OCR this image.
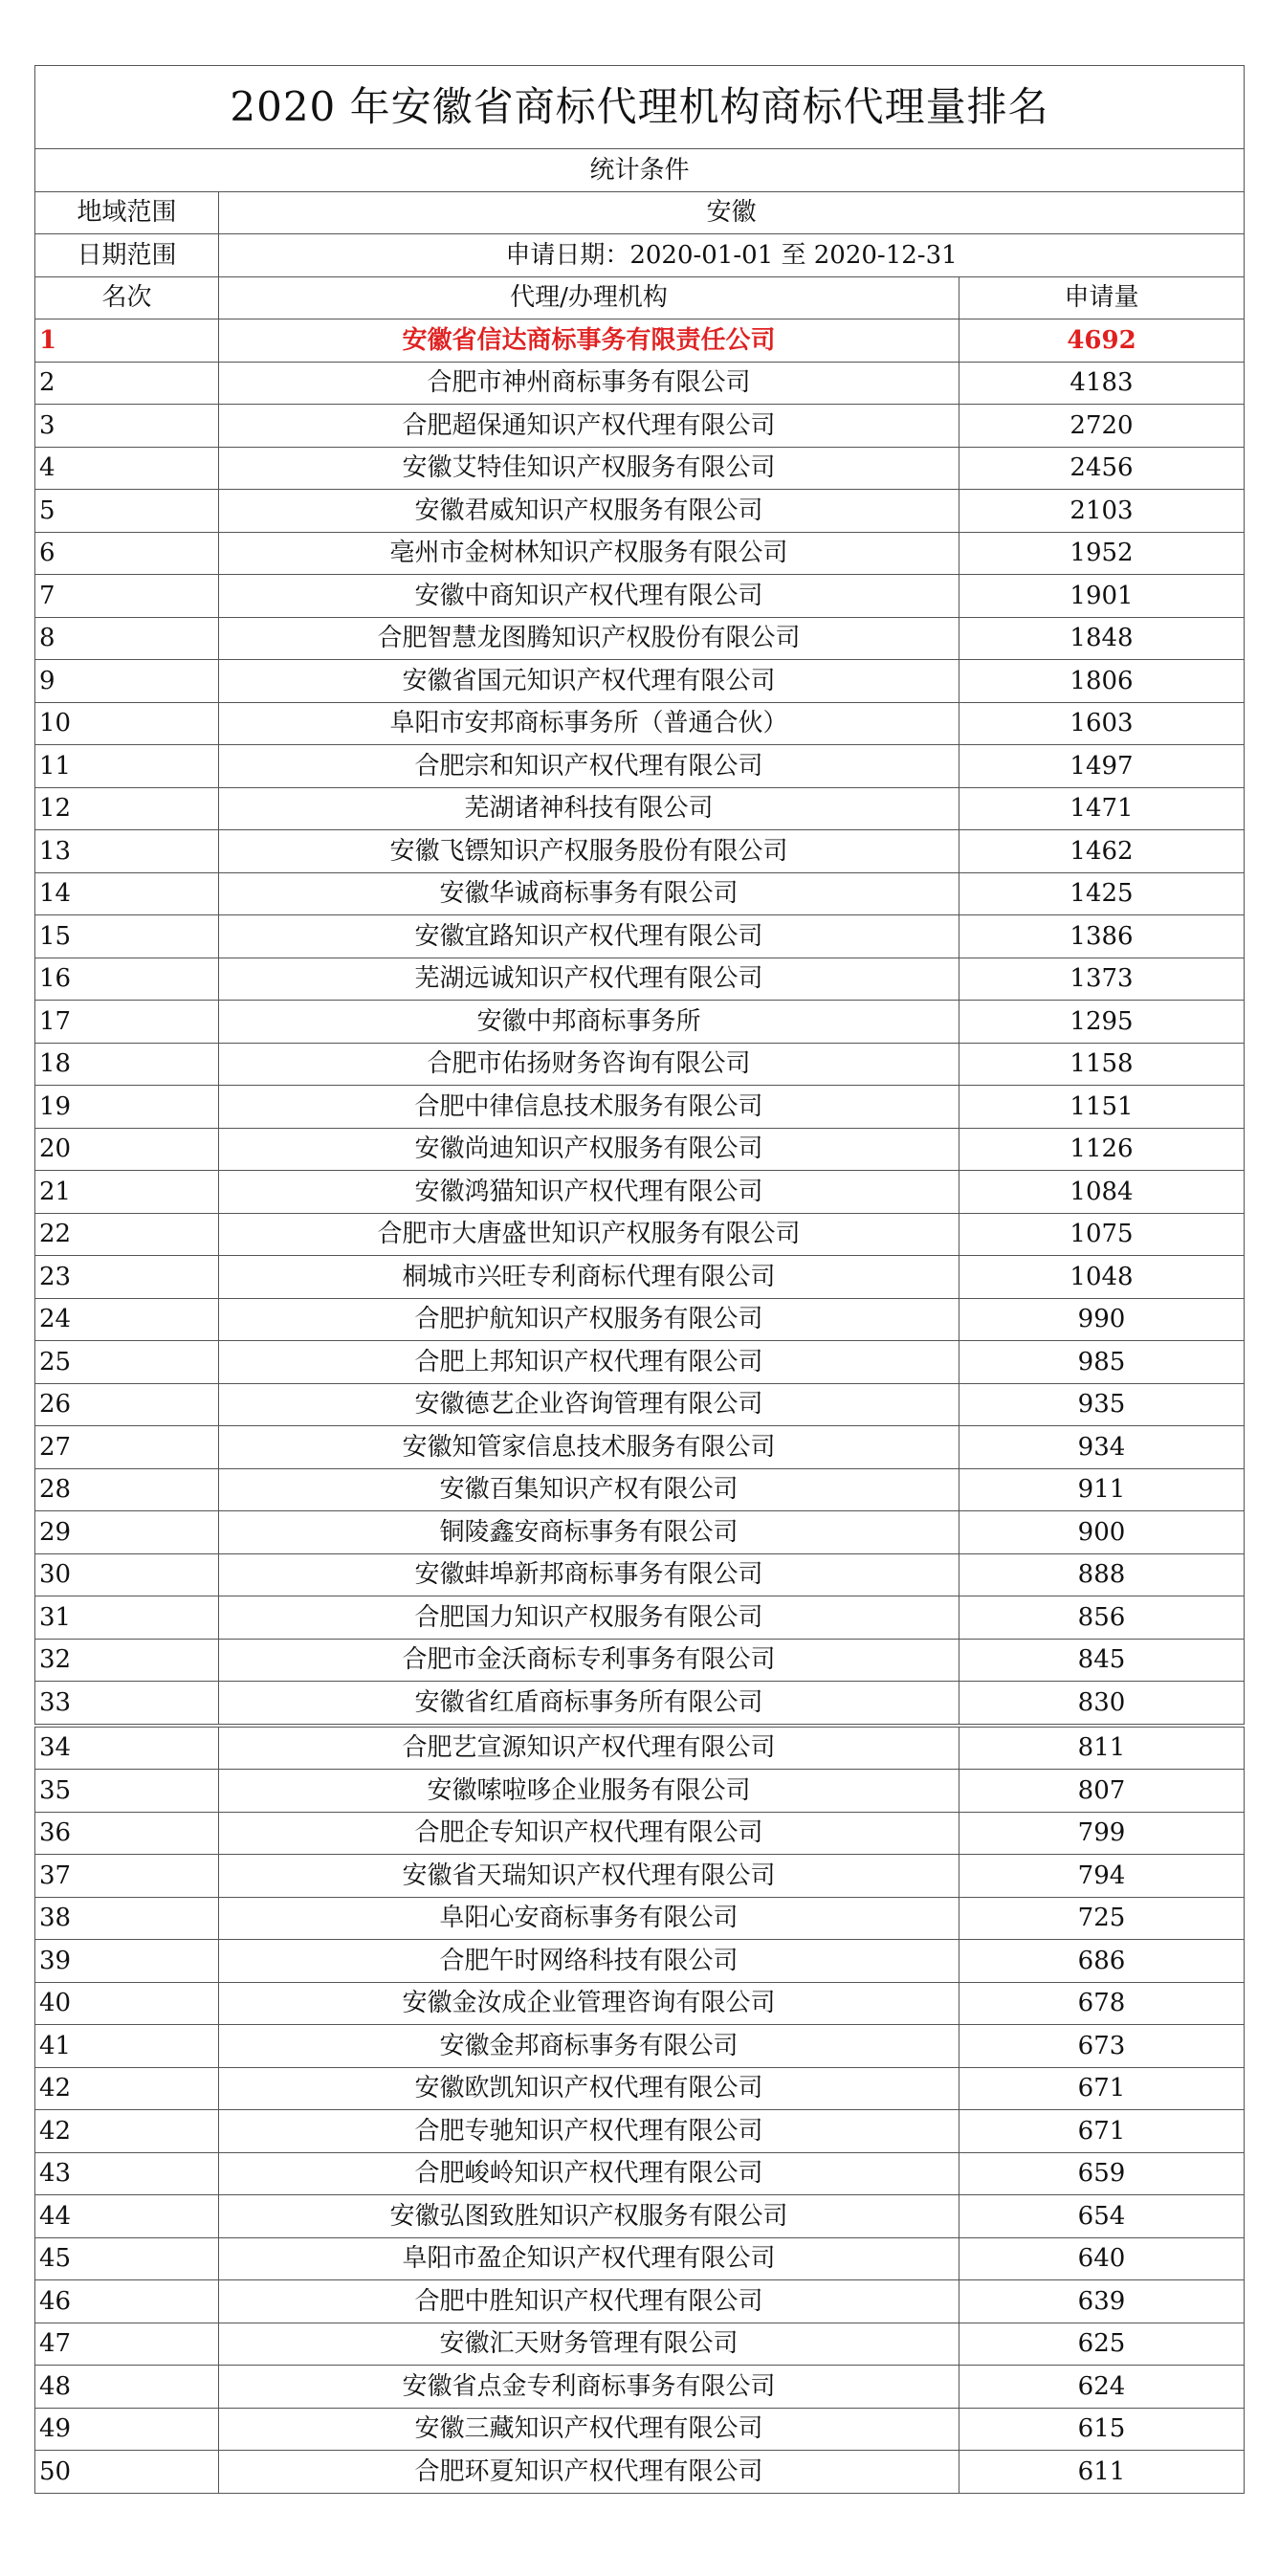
2020 年安徽省商标代理机构商标代理量排名		
统计条件		
地域范围	安徽	
日期范围	申请日期：2020-01-01 至 2020-12-31	
名次	代理/办理机构	申请量
1	安徽省信达商标事务有限责任公司	4692
2	合肥市神州商标事务有限公司	4183
3	合肥超保通知识产权代理有限公司	2720
4	安徽艾特佳知识产权服务有限公司	2456
5	安徽君威知识产权服务有限公司	2103
6	亳州市金树林知识产权服务有限公司	1952
7	安徽中商知识产权代理有限公司	1901
8	合肥智慧龙图腾知识产权股份有限公司	1848
9	安徽省国元知识产权代理有限公司	1806
10	阜阳市安邦商标事务所（普通合伙）	1603
11	合肥宗和知识产权代理有限公司	1497
12	芜湖诸神科技有限公司	1471
13	安徽飞镖知识产权服务股份有限公司	1462
14	安徽华诚商标事务有限公司	1425
15	安徽宜路知识产权代理有限公司	1386
16	芜湖远诚知识产权代理有限公司	1373
17	安徽中邦商标事务所	1295
18	合肥市佑扬财务咨询有限公司	1158
19	合肥中律信息技术服务有限公司	1151
20	安徽尚迪知识产权服务有限公司	1126
21	安徽鸿猫知识产权代理有限公司	1084
22	合肥市大唐盛世知识产权服务有限公司	1075
23	桐城市兴旺专利商标代理有限公司	1048
24	合肥护航知识产权服务有限公司	990
25	合肥上邦知识产权代理有限公司	985
26	安徽德艺企业咨询管理有限公司	935
27	安徽知管家信息技术服务有限公司	934
28	安徽百集知识产权有限公司	911
29	铜陵鑫安商标事务有限公司	900
30	安徽蚌埠新邦商标事务有限公司	888
31	合肥国力知识产权服务有限公司	856
32	合肥市金沃商标专利事务有限公司	845
33	安徽省红盾商标事务所有限公司	830
34	合肥艺宣源知识产权代理有限公司	811
35	安徽嗦啦哆企业服务有限公司	807
36	合肥企专知识产权代理有限公司	799
37	安徽省天瑞知识产权代理有限公司	794
38	阜阳心安商标事务有限公司	725
39	合肥午时网络科技有限公司	686
40	安徽金汝成企业管理咨询有限公司	678
41	安徽金邦商标事务有限公司	673
42	安徽欧凯知识产权代理有限公司	671
42	合肥专驰知识产权代理有限公司	671
43	合肥峻岭知识产权代理有限公司	659
44	安徽弘图致胜知识产权服务有限公司	654
45	阜阳市盈企知识产权代理有限公司	640
46	合肥中胜知识产权代理有限公司	639
47	安徽汇天财务管理有限公司	625
48	安徽省点金专利商标事务有限公司	624
49	安徽三藏知识产权代理有限公司	615
50	合肥环夏知识产权代理有限公司	611
